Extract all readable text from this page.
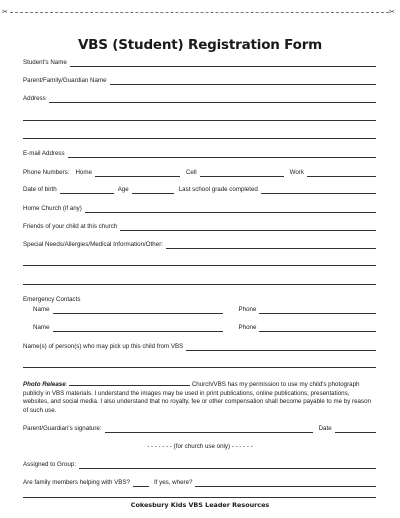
✂	✂
VBS (Student) Registration Form
Student's Name
Parent/Family/Guardian Name
Address
E-mail Address
Phone Numbers: Home	Cell	Work
Date of birth	Age	Last school grade completed
Home Church (if any)
Friends of your child at this church
Special Needs/Allergies/Medical Information/Other:
Emergency Contacts
Name	Phone
Name	Phone
Name(s) of person(s) who may pick up this child from VBS
Photo Release:	Church/VBS has my permission to use my child's photograph publicly in VBS materials. I understand the images may be used in print publications, online publications, presentations, websites, and social media. I also understand that no royalty, fee or other compensation shall become payable to me by reason of such use.
Parent/Guardian's signature:	Date
- - - - - - - (for church use only) - - - - - -
Assigned to Group:
Are family members helping with VBS?	If yes, where?
Cokesbury Kids VBS Leader Resources
